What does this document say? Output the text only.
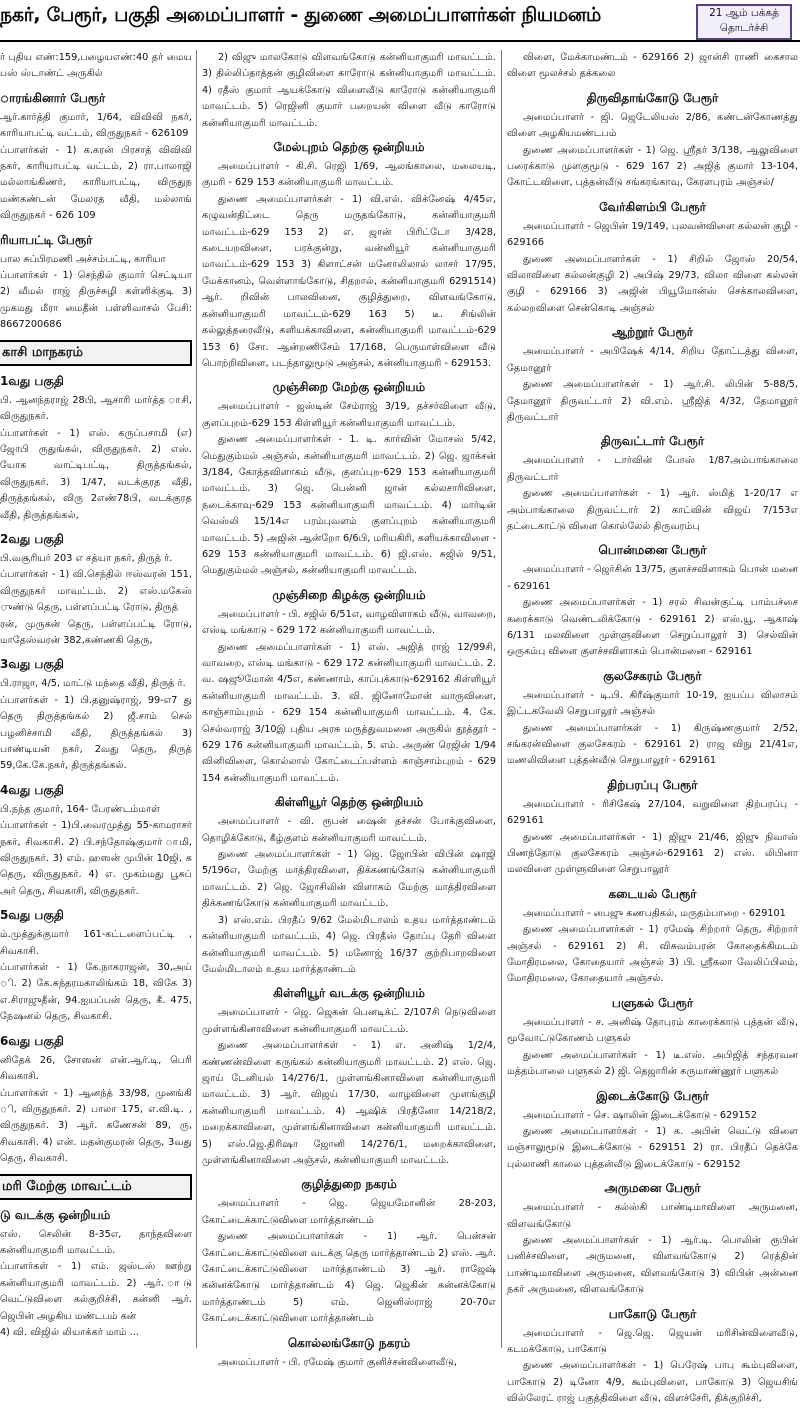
நகர், பேரூர், பகுதி அமைப்பாளர் - துணை அமைப்பாளர்கள் நியமனம்	21 ஆம் பக்கத்
தொடர்ச்சி

ர் புதிய எண்:159,பழையஎண்:40 தர் மைய பஸ் ஸ்டாண்ட் அருகில்

ாரங்கினார் பேரூர்

ஆர்.கார்த்தி குமார், 1/64, விவிவி நகர், காரியாபட்டி வட்டம், விருதுநகர் - 626109

ப்பாளர்கள் - 1) க.கரன் பிரசாத் விவிவி நகர், காரியாபட்டி வட்டம், 2) ரா.பாலாஜி மல்லாங்கிணர், காரியாபட்டி, விருதுந மண்கண்டன் மேலரத வீதி, மல்லாங் விருதுநகர் - 626 109

ரியாபட்டி பேரூர்

பால சுப்பிரமணி அச்சம்பட்டி, காரியா

ப்பாளர்கள் - 1) செந்தில் குமார் செட்டியா 2) வீமல் ராஜ் திருச்சுழி கள்ளிக்குடி 3) முகமது மீரா மைதீன் பள்ளிவாசல் பேசி: 8667200686

காசி மாநகரம்
1வது பகுதி

பி. ஆனந்தராஜ் 28பி, ஆசாரி மார்த்த ாசி, விருதுநகர்.

ப்பாளர்கள் - 1) எஸ். கருப்பசாமி (எ) ஜோபி ருதுங்கல், விருதுநகர். 2) எஸ். யோக வாட்டிபட்டி, திருத்தங்கல், விருதுநகர். 3) 1/47, வடக்குரத வீதி, திருத்தங்கல், விரு 2எண்78பி, வடக்குரத வீதி, திருத்தங்கல்,

2வது பகுதி

பி.வசூரியர் 203 எ சத்யா நகர், திருத் ர்.

ப்பாளர்கள் - 1) வி.செந்தில் ஈஸ்வரன் 151, விருதுநகர் மாவட்டம். 2) எஸ்.மகேஸ் ுண்டு தெரு, பள்ளப்பட்டி ரோடு, திருத்

ரன், முருகன் தெரு, பள்ளப்பட்டி ரோடு, மாதேஸ்வரன் 382,கண்ணகி தெரு,

3வது பகுதி

பி.ராஜா, 4/5, மாட்டு மந்தை வீதி, திருத் ர்.

ப்பாளர்கள் - 1) பி.தனுஷ்ராஜ், 99-எ7 து தெரு திருத்தங்கல் 2) ஜீ.சாம் செல் பழனிச்சாமி வீதி, திருத்தங்கல் 3) பாண்டியன் நகர், 2வது தெரு, திருத் 59,கே.கே.நகர், திருத்தங்கல்.

4வது பகுதி

பி.நந்த குமார், 164- பேரண்டம்மாள்

ப்பாளர்கள் - 1)பி.வைரமுத்து 55-காமராசர் நகர், சிவகாசி. 2) பி.சந்தோஷ்குமார் ாமி, விருதுநகர். 3) எம். ஹஸன் முபின் 10ஜி, க தெரு, விருதுநகர். 4) எ. முகம்மது பூசுப் அர் தெரு, சிவகாசி, விருதுநகர்.

5வது பகுதி

ம்.முத்துக்குமார் 161-கட்டளைப்பட்டி , சிவகாசி.

ப்பாளர்கள் - 1) கே.நாகராஜன், 30,அய் ி. 2) கே.சுந்தரமகாலிங்கம் 18, விகே 3) எ.சிராஜுதீன், 94.ஐயப்பன் தெரு, கீ. 475, நேஷனல் தெரு, சிவகாசி.

6வது பகுதி

னிதேக் 26, சோஸன் என்.ஆர்.டி, பெரி சிவகாசி.

ப்பாளர்கள் - 1) ஆனந்த் 33/98, முனங்கி ி, விருதுநகர். 2) பாலா 175, எ.வி.டி. , விருதுநகர். 3) ஆர். கணேசன் 89, ரு, சிவகாசி. 4) என். மதன்குமரன் தெரு, 3வது தெரு, சிவகாசி.

மரி மேற்கு மாவட்டம்
டு வடக்கு ஒன்றியம்

எஸ். செலின் 8-35எ, தாந்தவிளை கன்னியாகுமரி மாவட்டம்.

ப்பாளர்கள் - 1) எம். ஜஸ்டஸ் ஊற்று கன்னியாகுமரி மாவட்டம். 2) ஆர். ாடு வெட்டுவிளை கல்குறிச்சி, கன்னி ஆர். ஜெபின் அழகிய மண்டபம் கன்

4) வி. விஜில் லியாக்கர் மாம் ...

2) விஜு மாலகோடு விளவங்கோடு கன்னியாகுமரி மாவட்டம். 3) தில்லிப்தாத்தன் குழிவிளை காரோடு கன்னியாகுமரி மாவட்டம். 4) ரதீஸ் குமார் ஆயக்கோடு விளைவீடு காரோடு கன்னியாகுமரி மாவட்டம். 5) ரெஜினி குமார் பறையன் விளை வீடு காரோடு கன்னியாகுமரி மாவட்டம்.

மேல்புறம் தெற்கு ஒன்றியம்

அமைப்பாளர் - கி.சி. ரெஜி 1/69, ஆலங்காலை, மலையடி, குமரி - 629 153 கன்னியாகுமரி மாவட்டம்.

துணை அமைப்பாளர்கள் - 1) வி.எல். விக்னேஷ் 4/45எ, கழுவன்திட்டை தெரு மருதங்கோடு, கன்னியாகுமரி மாவட்டம்-629 153 2) எ. ஜான் பிரிட்டோ 3/428, கடையறவிளை, பரக்குன்று, வன்னியூர் கன்னியாகுமரி மாவட்டம்-629 153 3) கிளாட்சன் மனோலிலால் லாசர் 17/95, மேக்கானம், வெள்ளாங்கோடு, சிதறால், கன்னியாகுமரி 6291514) ஆர். றிவின் பாலவினை, குழித்துறை, விளவங்கோடு, கன்னியாகுமரி மாவட்டம்-629 163 5) டீ. சிங்லின் கல்லுத்தரைவீடு, களியக்காவிளை, கன்னியாகுமரி மாவட்டம்-629 153 6) சோ. ஆன்றணிசேம் 17/168, பெருமாள்விளை வீடு பொற்றிவிளை, படந்தாலுமூடு அஞ்சல், கன்னியாகுமரி - 629153.

முஞ்சிறை மேற்கு ஒன்றியம்

அமைப்பாளர் - ஜஸ்டின் சேம்ராஜ் 3/19, தச்சர்விளை வீடு, குளப்புறம்-629 153 கிள்ளியூர் கன்னியாகுமரி மாவட்டம்.

துணை அமைப்பாளர்கள் - 1. டி. கார்வின் மோசஸ் 5/42, மெதுகும்மல் அஞ்சல், கன்னியாகுமரி மாவட்டம். 2) ஜெ. ஜாக்சன் 3/184, கோத்தவிளாகம் வீடு, குளப்புற-629 153 கன்னியாகுமரி மாவட்டம். 3) ஜெ. பென்னி ஜான் கல்லசாரிவிளை, நடைக்காவு-629 153 கன்னியாகுமரி மாவட்டம். 4) மார்டின் வெஸ்லி 15/14எ பரம்புவளம் குளப்புறம் கன்னியாகுமரி மாவட்டம். 5) அஜின் ஆன்றோ 6/6பி, மரியகிரி, களியக்காவிளை - 629 153 கன்னியாகுமரி மாவட்டம். 6) ஜி.எஸ். சுஜில் 9/51, மெதுகும்மல் அஞ்சல், கன்னியாகுமரி மாவட்டம்.

முஞ்சிறை கிழக்கு ஒன்றியம்

அமைப்பாளர் - பி. சஜில் 6/51எ, வாழவிளாகம் வீடு, வாவறை, எஸ்டி மங்காடு - 629 172 கன்னியாகுமரி மாவட்டம்.

துணை அமைப்பாளர்கள் - 1) எஸ். அஜித் ராஜ் 12/99சி, வாவறை, எஸ்டி மங்காடு - 629 172 கன்னியாகுமரி மாவட்டம். 2. வ. ஷஜூமோன் 4/5எ, கண்ணாம், காப்புக்காடு-629162 கிள்ளியூர் கன்னியாகுமரி மாவட்டம். 3. வி. ஜினோமோன் வாருவிளை, காஞ்சாம்புறம் - 629 154 கன்னியாகுமரி மாவட்டம். 4. கே. செல்வராஜ் 3/10இ புதிய அரசு மருத்துவமனை அருகில் தூத்தூர் - 629 176 கன்னியாகுமரி மாவட்டம். 5. எம். அருண் ரெஜின் 1/94 வினிவிளை, கொல்லால் கோட்டைப்பள்ளம் காஞ்சாம்புறம் - 629 154 கன்னியாகுமரி மாவட்டம்.

கிள்ளியூர் தெற்கு ஒன்றியம்

அமைப்பாளர் - வி. ரூபன் ஷைன் தச்சன் போக்குவிளை, தொழிக்கோடு, கீழ்குளம் கன்னியாகுமரி மாவட்டம்.

துணை அமைப்பாளர்கள் - 1) ஜெ. ஜோபின் விபின் ஷாஜி 5/196எ, மேற்கு மாத்திரவிளை, திக்கணங்கோடு கன்னியாகுமரி மாவட்டம். 2) ஜெ. ஜோசிலின் விளாகம் மேற்கு மாத்திரவிளை திக்கணங்கோடு கன்னியாகுமரி மாவட்டம்.

3) எஸ்.எம். பிரதீப் 9/62 மேல்மிடாலம் உதய மார்த்தாண்டம் கன்னியாகுமரி மாவட்டம். 4) ஜெ. பிரதீஸ் தோப்பு தேரி விளை கன்னியாகுமரி மாவட்டம். 5) மனோஜ் 16/37 குற்றிபாறவிளை மேல்மிடாலம் உதய மார்த்தாண்டம்

கிள்ளியூர் வடக்கு ஒன்றியம்

அமைப்பாளர் - ஜெ. ஜெகன் பெனடிக்ட் 2/107சி நெடுவிளை முள்ளங்கினாவிளை கன்னியாகுமரி மாவட்டம்.

துணை அமைப்பாளர்கள் - 1) எ. அனிஷ் 1/2/4, கண்ணன்விளை கருங்கல் கன்னியாகுமரி மாவட்டம். 2) எஸ். ஜெ. ஜாய் டேனியல் 14/276/1, முள்ளங்கினாவிளை கன்னியாகுமரி மாவட்டம். 3) ஆர். விஜய் 17/30, வாழவிளை முளங்குழி கன்னியாகுமரி மாவட்டம். 4) ஆஷிக் பிரதீனோ 14/218/2, மறைக்காவிளை, முள்ளங்கினாவிளை கன்னியாகுமரி மாவட்டம். 5) எஸ்.ஜெ.திரிஷா ஜோனி 14/276/1, மறைக்காவிளை, முள்ளங்கினாவிளை அஞ்சல், கன்னியாகுமரி மாவட்டம்.

குழித்துறை நகரம்

அமைப்பாளர் - ஜெ. ஜெயமோனின் 28-203, கோட்டைக்காட்டுவிளை மார்த்தாண்டம்

துணை அமைப்பாளர்கள் - 1) ஆர். பென்சன் கோட்டைக்காட்டுவிளை வடக்கு தெரு மார்த்தாண்டம் 2) எஸ். ஆர். கோட்டைக்காட்டுவிளை மார்த்தாண்டம் 3) ஆர். ராஜேஷ் கன்னக்கோடு மார்த்தாண்டம் 4) ஜெ. ஜெகின் கன்னக்கோடு மார்த்தாண்டம் 5) எம். ஜெனிஸ்ராஜ் 20-70எ கோட்டைக்காட்டுவிளை மார்த்தாண்டம்

கொல்லங்கோடு நகரம்

அமைப்பாளர் - பி. ரமேஷ் குமார் குனிச்சன்விளைவீடு,

விளை, மேக்காமண்டம் - 629166 2) ஜான்சி ராணி கைசால விளை மூலச்சல் தக்கலை

திருவிதாங்கோடு பேரூர்

அமைப்பாளர் - ஜி. ஜெடேலியஸ் 2/86, கண்டன்கோணத்து விளை அழகியமண்டபம்

துணை அமைப்பாளர்கள் - 1) ஜெ. ஸ்ரீதர் 3/138, ஆலுவிளை பரைக்காடு முளகுமூடு - 629 167 2) அஜித் குமார் 13-104, கோட்டவிளை, புத்தன்வீடு சங்கரங்காவு, கேரளபுரம் அஞ்சல்/

வேர்கிளம்பி பேரூர்

அமைப்பாளர் - ஜெபின் 19/149, புலவன்விளை கல்லன் குழி - 629166

துணை அமைப்பாளர்கள் - 1) சிறில் ஜோஸ் 20/54, விலாவிளை கல்லன்குழி 2) அபிஷ் 29/73, விலா விளை கல்லன் குழி - 629166 3) அஜின் பியூமோன்ஸ் செக்காலவிளை, கல்லறவிளை சென்கொடி அஞ்சல்

ஆற்றூர் பேரூர்

அமைப்பாளர் - அபிஷேக் 4/14, சிறிய தோட்டத்து விளை, தேமானூர்

துணை அமைப்பாளர்கள் - 1) ஆர்.சி. லிபின் 5-88/5, தேமானூர் திருவட்டார் 2) வி.எம். ஸ்ரீஜித் 4/32, தேமானூர் திருவட்டார்

திருவட்டார் பேரூர்

அமைப்பாளர் - டார்வின் போஸ் 1/87அம்பாங்காலை திருவட்டார்

துணை அமைப்பாளர்கள் - 1) ஆர். ஸ்மித் 1-20/17 எ அம்பாங்காலை திருவட்டார் 2) காட்வின் விஜய் 7/153எ தட்டைகாட்டு விளை கொல்லேல் திருவரம்பு

பொன்மனை பேரூர்

அமைப்பாளர் - ஜெர்சின் 13/75, குளச்சவிளாகம் பொன் மனை - 629161

துணை அமைப்பாளர்கள் - 1) சரல் சிவன்குட்டி பாம்பச்சை கரைக்காடு வெண்டலிக்கோடு - 629161 2) எஸ்.யூ. ஆகாஷ் 6/131 மலவிளை முள்ளுவிளை செறுப்பாலூர் 3) செல்வின் ஒருகம்பு விளை குளச்சவிளாகம் பொன்மனை - 629161

குலசேகரம் பேரூர்

அமைப்பாளர் - டி.பி. கிரீஷ்குமார் 10-19, ஐயப்ப விலாசம் இட்டகவேலி செறுபாலூர் அஞ்சல்

துணை அமைப்பாளர்கள் - 1) கிருஷ்ணகுமார் 2/52, சங்கரன்விளை குலசேகரம் - 629161 2) ராஜ விநு 21/41எ, மணலிவிளை புத்தன்வீடு செறுபாலூர் - 629161

திற்பரப்பு பேரூர்

அமைப்பாளர் - ரிசிகேஷ் 27/104, வறுவிளை திற்பரப்பு - 629161

துணை அமைப்பாளர்கள் - 1) ஜிஜு 21/46, ஜிஜு நிவாஸ் பிணந்தோடு குலசேகரம் அஞ்சல்-629161 2) எஸ். லிபினா மலவிளை முள்ளுவிளை செறுபாலூர்

கடையல் பேரூர்

அமைப்பாளர் - பைஜு கணபதிகல், மருதம்பாறை - 629101

துணை அமைப்பாளர்கள் - 1) ரமேஷ் சிற்றார் தெரு, சிற்றார் அஞ்சல் - 629161 2) சி. விசுவம்பரன் கோதைக்கிமடம் மோதிரமலை, கோதையார் அஞ்சல் 3) பி. ஸ்ரீகலா வேலிப்பிலம், மோதிரமலை, கோதையார் அஞ்சல்.

பளுகல் பேரூர்

அமைப்பாளர் - ச. அனிஷ் தோபுரம் காரைக்காடு புத்தன் வீடு, மூவோட்டுகோணம் பளுகல்

துணை அமைப்பாளர்கள் - 1) டீ.எஸ். அபிஜித் சந்தரவன மத்தம்பாலை பளுகல் 2) ஜி. தெஜாரின் கருமாண்ணூர் பளுகல்

இடைக்கோடு பேரூர்

அமைப்பாளர் - செ. ஷாலின் இடைக்கோடு - 629152

துணை அமைப்பாளர்கள் - 1) க. அபின் வெட்டு விளை மஞ்சாலுமூடு இடைக்கோடு - 629151 2) ரா. பிரதீப் தெக்கே புல்லாணி காலை புத்தன்வீடு இடைக்கோடு - 629152

அருமனை பேரூர்

அமைப்பாளர் - கல்ஸ்கி பாண்டிமாவிளை அருமனை, விளவங்கோடு

துணை அமைப்பாளர்கள் - 1) ஆர்.டி. பொலின் ரூபின் பனிச்சவிளை, அருமனை, விளவங்கோடு 2) ரெத்தின் பாண்டிமாவிளை அருமனை, விளவங்கோடு 3) விபின் அன்னை நகர் அருமனை, விளவங்கோடு

பாகோடு பேரூர்

அமைப்பாளர் - ஜெ.ஜெ. ஜெயன் மரிசின்விளைவீடு, கடமக்கோடு, பாகோடு

துணை அமைப்பாளர்கள் - 1) பெரேஷ் பாபு கூம்புவிளை, பாகோடு 2) டினோ 4/9, கூம்புவிளை, பாகோடு 3) ஜெயசிங் வில்லேரட் ராஜ் பகுத்திவிளை வீடு, விளச்சேரி, திக்குறிச்சி,
